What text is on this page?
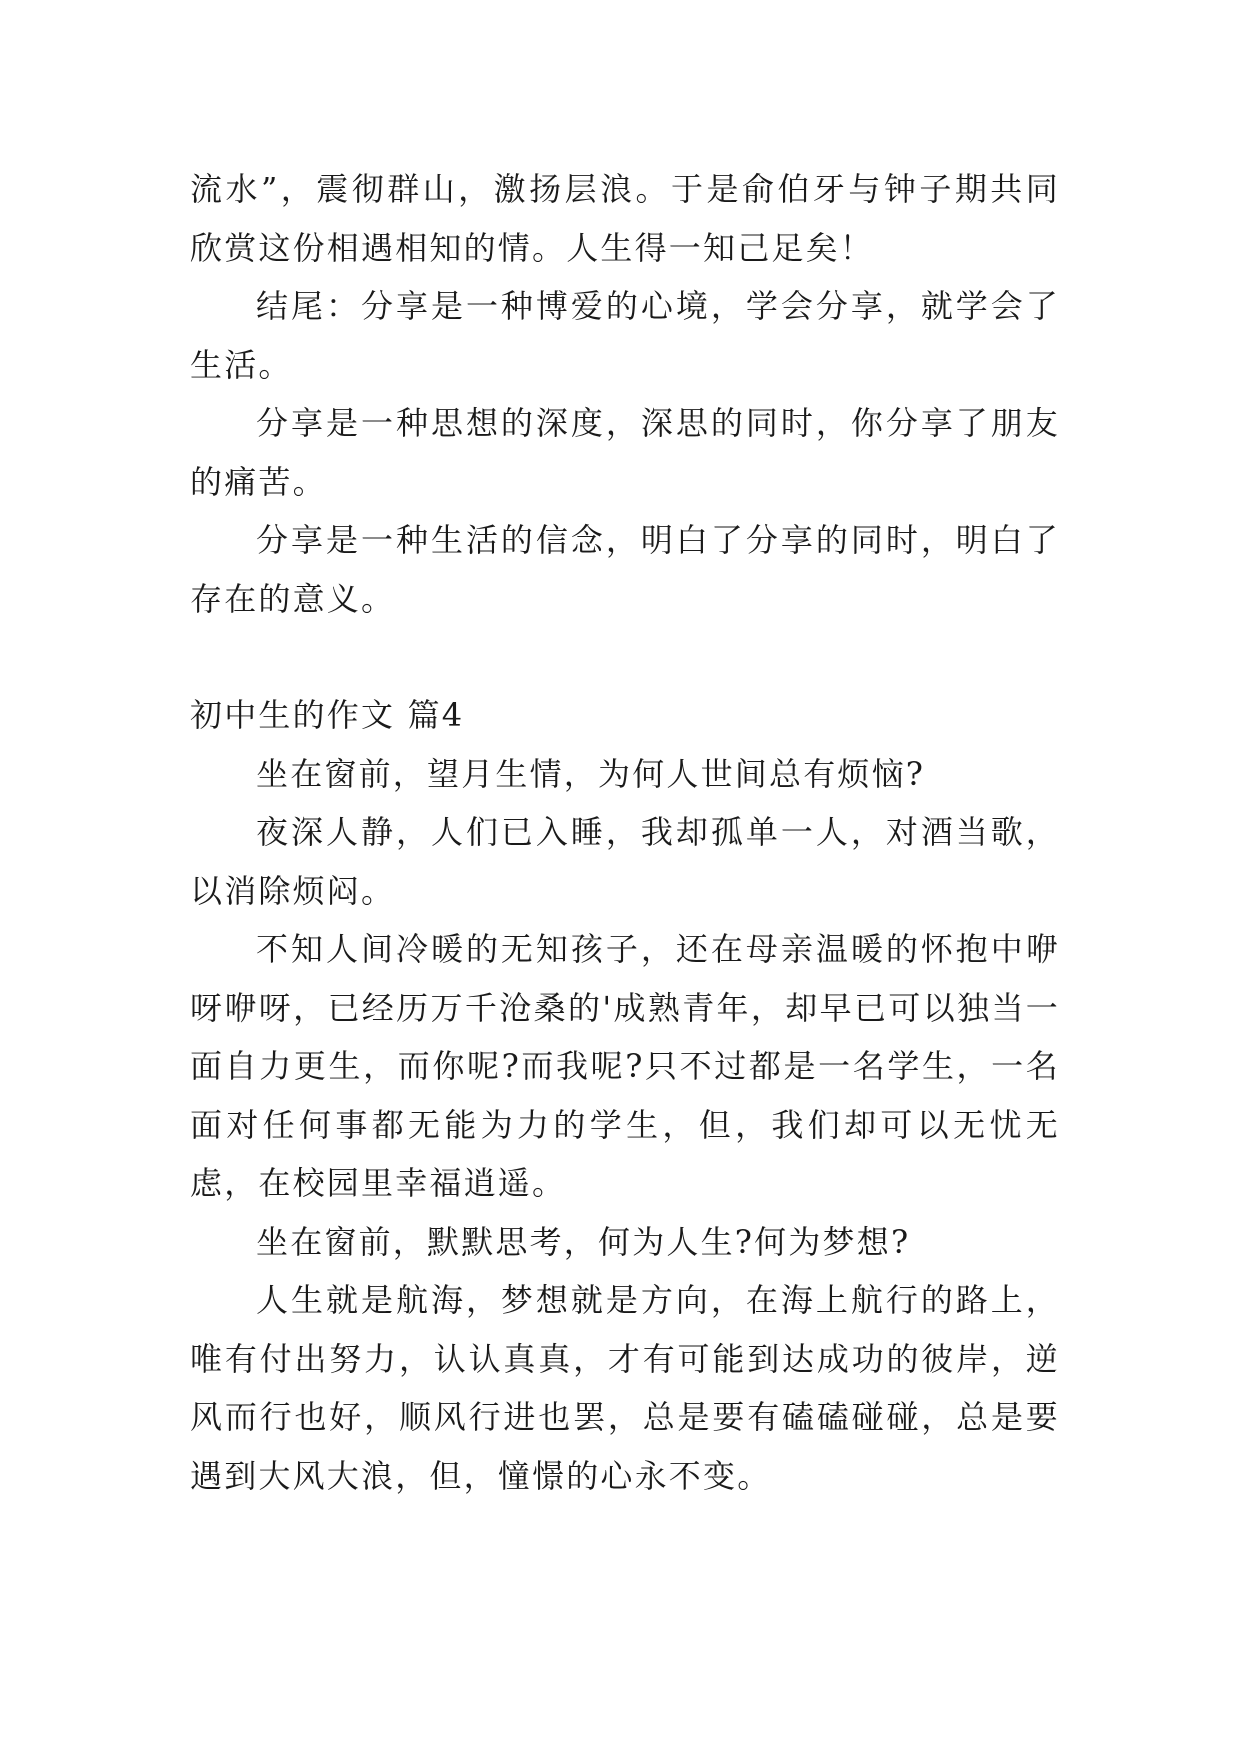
流水”，震彻群山，激扬层浪。于是俞伯牙与钟子期共同欣赏这份相遇相知的情。人生得一知己足矣！

结尾：分享是一种博爱的心境，学会分享，就学会了生活。

分享是一种思想的深度，深思的同时，你分享了朋友的痛苦。

分享是一种生活的信念，明白了分享的同时，明白了存在的意义。

初中生的作文 篇4

坐在窗前，望月生情，为何人世间总有烦恼?

夜深人静，人们已入睡，我却孤单一人，对酒当歌，以消除烦闷。

不知人间冷暖的无知孩子，还在母亲温暖的怀抱中咿呀咿呀，已经历万千沧桑的'成熟青年，却早已可以独当一面自力更生，而你呢?而我呢?只不过都是一名学生，一名面对任何事都无能为力的学生，但，我们却可以无忧无虑，在校园里幸福逍遥。

坐在窗前，默默思考，何为人生?何为梦想?

人生就是航海，梦想就是方向，在海上航行的路上，唯有付出努力，认认真真，才有可能到达成功的彼岸，逆风而行也好，顺风行进也罢，总是要有磕磕碰碰，总是要遇到大风大浪，但，憧憬的心永不变。
